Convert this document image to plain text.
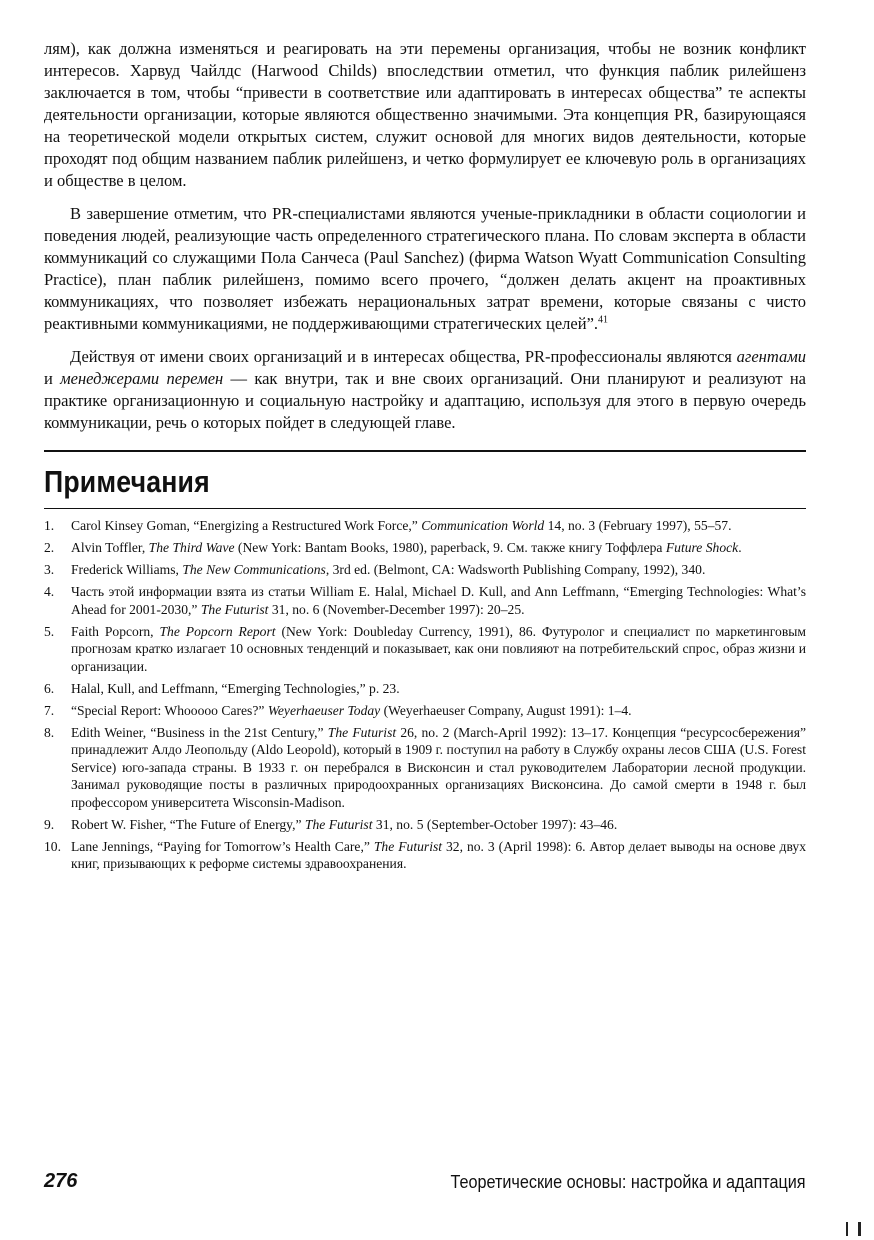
лям), как должна изменяться и реагировать на эти перемены организация, чтобы не возник конфликт интересов. Харвуд Чайлдс (Harwood Childs) впоследствии отметил, что функция паблик рилейшенз заключается в том, чтобы “привести в соответствие или адаптировать в интересах общества” те аспекты деятельности организации, которые являются общественно значимыми. Эта концепция PR, базирующаяся на теоретической модели открытых систем, служит основой для многих видов деятельности, которые проходят под общим названием паблик рилейшенз, и четко формулирует ее ключевую роль в организациях и обществе в целом.

В завершение отметим, что PR-специалистами являются ученые-прикладники в области социологии и поведения людей, реализующие часть определенного стратегического плана. По словам эксперта в области коммуникаций со служащими Пола Санчеса (Paul Sanchez) (фирма Watson Wyatt Communication Consulting Practice), план паблик рилейшенз, помимо всего прочего, “должен делать акцент на проактивных коммуникациях, что позволяет избежать нерациональных затрат времени, которые связаны с чисто реактивными коммуникациями, не поддерживающими стратегических целей”.$^{41}$

Действуя от имени своих организаций и в интересах общества, PR-профессионалы являются агентами и менеджерами перемен — как внутри, так и вне своих организаций. Они планируют и реализуют на практике организационную и социальную настройку и адаптацию, используя для этого в первую очередь коммуникации, речь о которых пойдет в следующей главе.

Примечания
1.	Carol Kinsey Goman, “Energizing a Restructured Work Force,” Communication World 14, no. 3 (February 1997), 55–57.
2.	Alvin Toffler, The Third Wave (New York: Bantam Books, 1980), paperback, 9. См. также книгу Тоффлера Future Shock.
3.	Frederick Williams, The New Communications, 3rd ed. (Belmont, CA: Wadsworth Publishing Company, 1992), 340.
4.	Часть этой информации взята из статьи William E. Halal, Michael D. Kull, and Ann Leffmann, “Emerging Technologies: What’s Ahead for 2001-2030,” The Futurist 31, no. 6 (November-December 1997): 20–25.
5.	Faith Popcorn, The Popcorn Report (New York: Doubleday Currency, 1991), 86. Футуролог и специалист по маркетинговым прогнозам кратко излагает 10 основных тенденций и показывает, как они повлияют на потребительский спрос, образ жизни и организации.
6.	Halal, Kull, and Leffmann, “Emerging Technologies,” p. 23.
7.	“Special Report: Whooooo Cares?” Weyerhaeuser Today (Weyerhaeuser Company, August 1991): 1–4.
8.	Edith Weiner, “Business in the 21st Century,” The Futurist 26, no. 2 (March-April 1992): 13–17. Концепция “ресурсосбережения” принадлежит Алдо Леопольду (Aldo Leopold), который в 1909 г. поступил на работу в Службу охраны лесов США (U.S. Forest Service) юго-запада страны. В 1933 г. он перебрался в Висконсин и стал руководителем Лаборатории лесной продукции. Занимал руководящие посты в различных природоохранных организациях Висконсина. До самой смерти в 1948 г. был профессором университета Wisconsin-Madison.
9.	Robert W. Fisher, “The Future of Energy,” The Futurist 31, no. 5 (September-October 1997): 43–46.
10. Lane Jennings, “Paying for Tomorrow’s Health Care,” The Futurist 32, no. 3 (April 1998): 6. Автор делает выводы на основе двух книг, призывающих к реформе системы здравоохранения.
276	Теоретические основы: настройка и адаптация
